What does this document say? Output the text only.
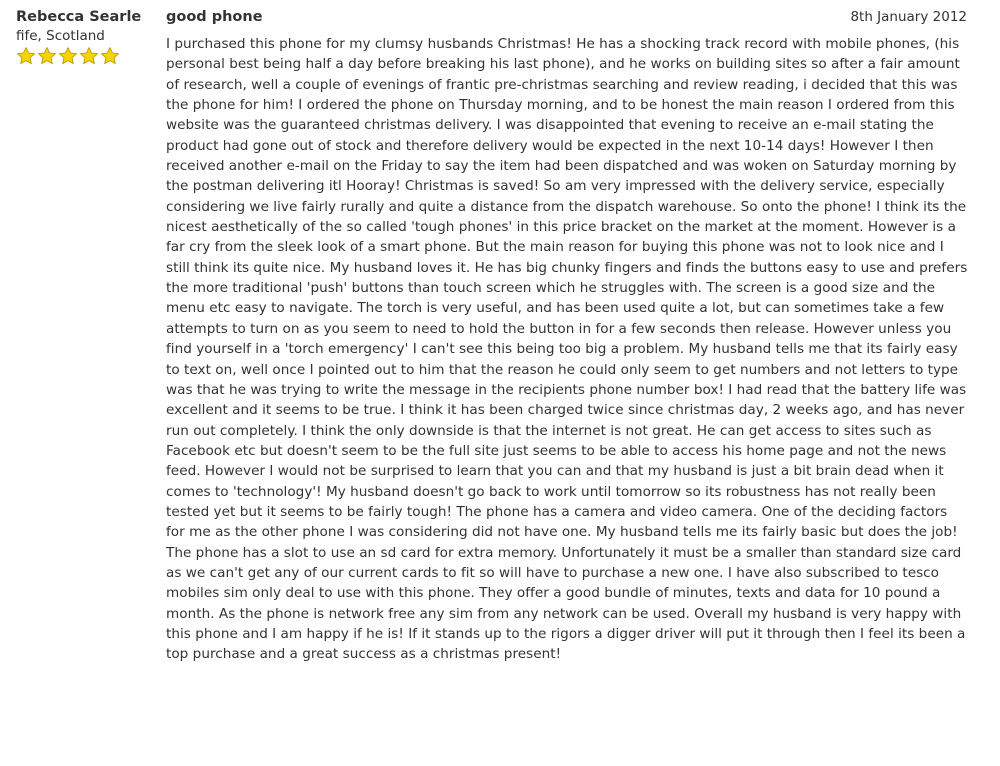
Rebecca Searle
fife, Scotland
good phone
I purchased this phone for my clumsy husbands Christmas! He has a shocking track record with mobile phones, (his personal best being half a day before breaking his last phone), and he works on building sites so after a fair amount of research, well a couple of evenings of frantic pre-christmas searching and review reading, i decided that this was the phone for him! I ordered the phone on Thursday morning, and to be honest the main reason I ordered from this website was the guaranteed christmas delivery. I was disappointed that evening to receive an e-mail stating the product had gone out of stock and therefore delivery would be expected in the next 10-14 days! However I then received another e-mail on the Friday to say the item had been dispatched and was woken on Saturday morning by the postman delivering itl Hooray! Christmas is saved! So am very impressed with the delivery service, especially considering we live fairly rurally and quite a distance from the dispatch warehouse. So onto the phone! I think its the nicest aesthetically of the so called 'tough phones' in this price bracket on the market at the moment. However is a far cry from the sleek look of a smart phone. But the main reason for buying this phone was not to look nice and I still think its quite nice. My husband loves it. He has big chunky fingers and finds the buttons easy to use and prefers the more traditional 'push' buttons than touch screen which he struggles with. The screen is a good size and the menu etc easy to navigate. The torch is very useful, and has been used quite a lot, but can sometimes take a few attempts to turn on as you seem to need to hold the button in for a few seconds then release. However unless you find yourself in a 'torch emergency' I can't see this being too big a problem. My husband tells me that its fairly easy to text on, well once I pointed out to him that the reason he could only seem to get numbers and not letters to type was that he was trying to write the message in the recipients phone number box! I had read that the battery life was excellent and it seems to be true. I think it has been charged twice since christmas day, 2 weeks ago, and has never run out completely. I think the only downside is that the internet is not great. He can get access to sites such as Facebook etc but doesn't seem to be the full site just seems to be able to access his home page and not the news feed. However I would not be surprised to learn that you can and that my husband is just a bit brain dead when it comes to 'technology'! My husband doesn't go back to work until tomorrow so its robustness has not really been tested yet but it seems to be fairly tough! The phone has a camera and video camera. One of the deciding factors for me as the other phone I was considering did not have one. My husband tells me its fairly basic but does the job! The phone has a slot to use an sd card for extra memory. Unfortunately it must be a smaller than standard size card as we can't get any of our current cards to fit so will have to purchase a new one. I have also subscribed to tesco mobiles sim only deal to use with this phone. They offer a good bundle of minutes, texts and data for 10 pound a month. As the phone is network free any sim from any network can be used. Overall my husband is very happy with this phone and I am happy if he is! If it stands up to the rigors a digger driver will put it through then I feel its been a top purchase and a great success as a christmas present!
8th January 2012
